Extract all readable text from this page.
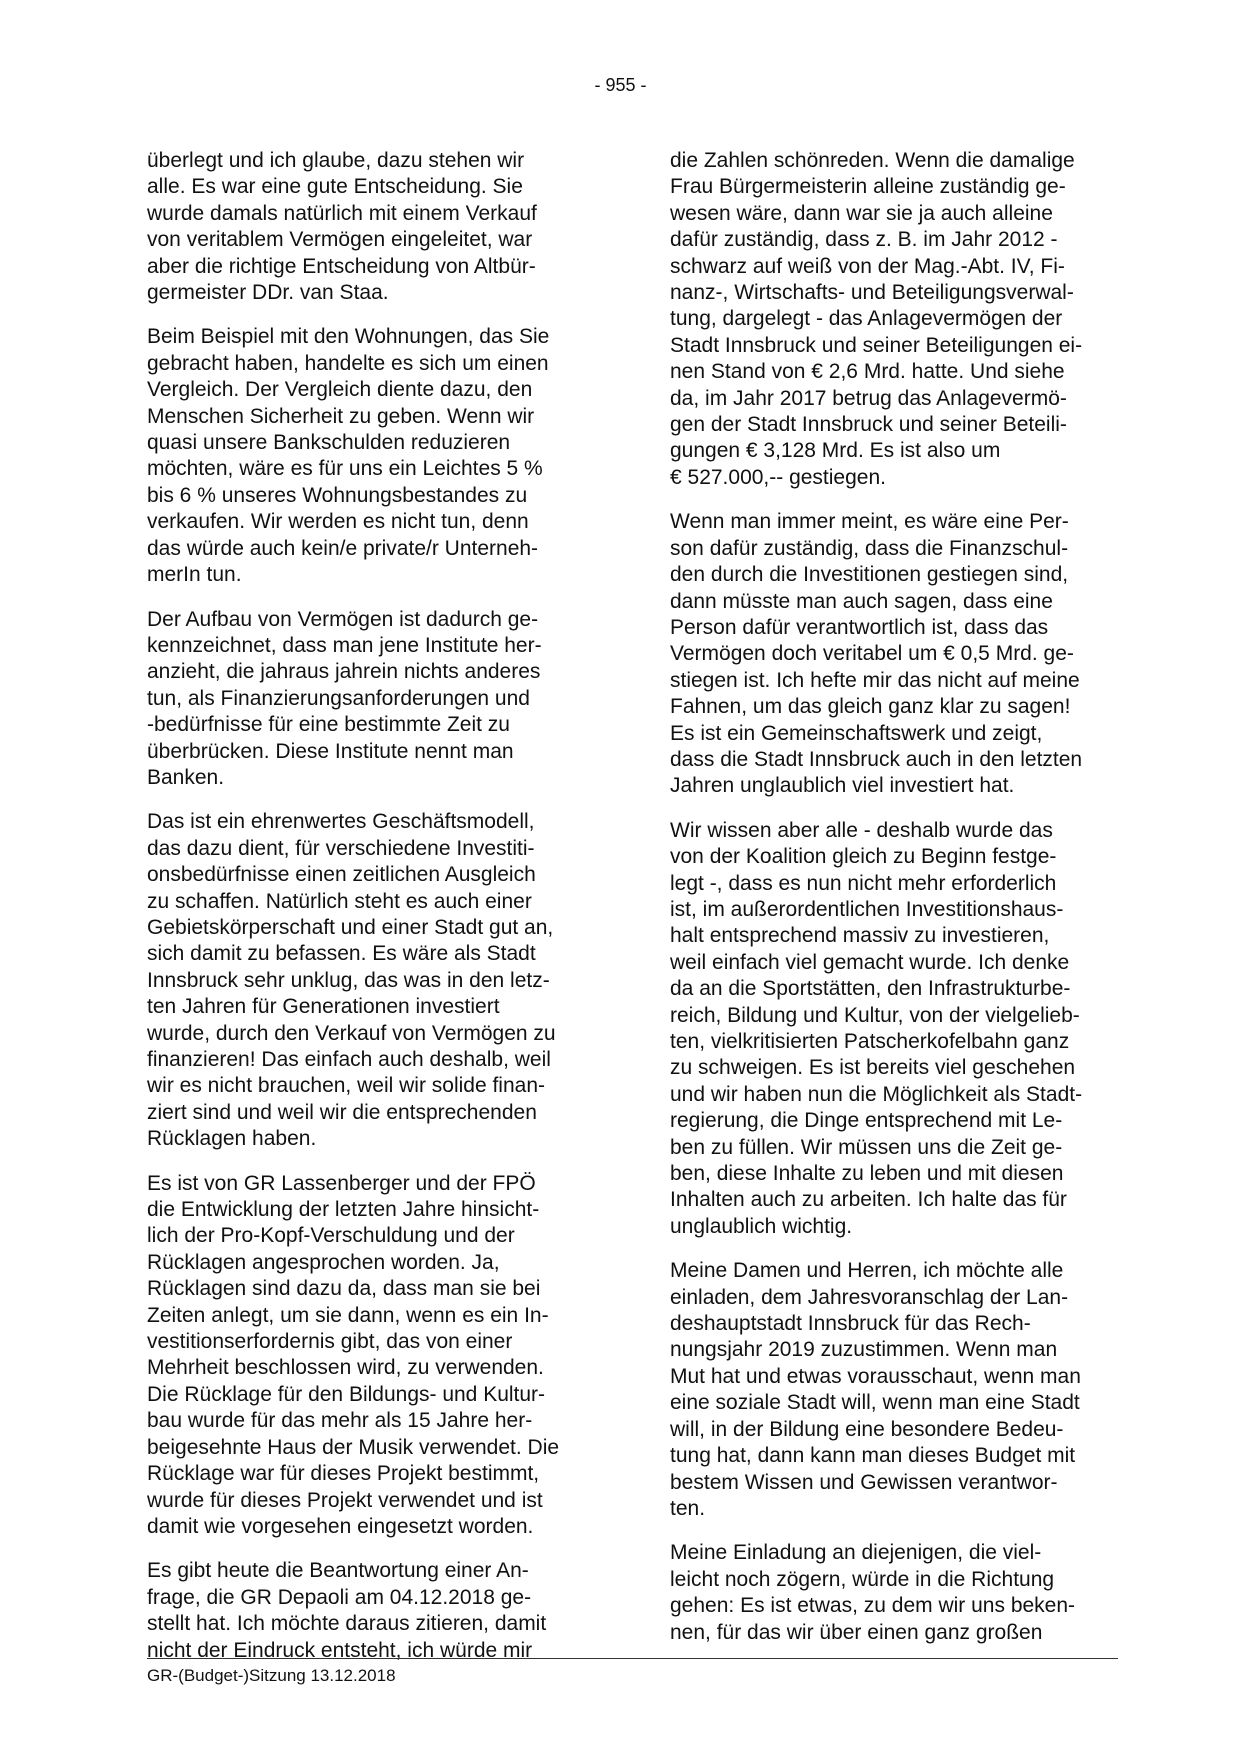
- 955 -

überlegt und ich glaube, dazu stehen wir
alle. Es war eine gute Entscheidung. Sie
wurde damals natürlich mit einem Verkauf
von veritablem Vermögen eingeleitet, war
aber die richtige Entscheidung von Altbür-
germeister DDr. van Staa.

Beim Beispiel mit den Wohnungen, das Sie
gebracht haben, handelte es sich um einen
Vergleich. Der Vergleich diente dazu, den
Menschen Sicherheit zu geben. Wenn wir
quasi unsere Bankschulden reduzieren
möchten, wäre es für uns ein Leichtes 5 %
bis 6 % unseres Wohnungsbestandes zu
verkaufen. Wir werden es nicht tun, denn
das würde auch kein/e private/r Unterneh-
merIn tun.

Der Aufbau von Vermögen ist dadurch ge-
kennzeichnet, dass man jene Institute her-
anzieht, die jahraus jahrein nichts anderes
tun, als Finanzierungsanforderungen und
-bedürfnisse für eine bestimmte Zeit zu
überbrücken. Diese Institute nennt man
Banken.

Das ist ein ehrenwertes Geschäftsmodell,
das dazu dient, für verschiedene Investiti-
onsbedürfnisse einen zeitlichen Ausgleich
zu schaffen. Natürlich steht es auch einer
Gebietskörperschaft und einer Stadt gut an,
sich damit zu befassen. Es wäre als Stadt
Innsbruck sehr unklug, das was in den letz-
ten Jahren für Generationen investiert
wurde, durch den Verkauf von Vermögen zu
finanzieren! Das einfach auch deshalb, weil
wir es nicht brauchen, weil wir solide finan-
ziert sind und weil wir die entsprechenden
Rücklagen haben.

Es ist von GR Lassenberger und der FPÖ
die Entwicklung der letzten Jahre hinsicht-
lich der Pro-Kopf-Verschuldung und der
Rücklagen angesprochen worden. Ja,
Rücklagen sind dazu da, dass man sie bei
Zeiten anlegt, um sie dann, wenn es ein In-
vestitionserfordernis gibt, das von einer
Mehrheit beschlossen wird, zu verwenden.
Die Rücklage für den Bildungs- und Kultur-
bau wurde für das mehr als 15 Jahre her-
beigesehnte Haus der Musik verwendet. Die
Rücklage war für dieses Projekt bestimmt,
wurde für dieses Projekt verwendet und ist
damit wie vorgesehen eingesetzt worden.

Es gibt heute die Beantwortung einer An-
frage, die GR Depaoli am 04.12.2018 ge-
stellt hat. Ich möchte daraus zitieren, damit
nicht der Eindruck entsteht, ich würde mir

die Zahlen schönreden. Wenn die damalige
Frau Bürgermeisterin alleine zuständig ge-
wesen wäre, dann war sie ja auch alleine
dafür zuständig, dass z. B. im Jahr 2012 -
schwarz auf weiß von der Mag.-Abt. IV, Fi-
nanz-, Wirtschafts- und Beteiligungsverwal-
tung, dargelegt - das Anlagevermögen der
Stadt Innsbruck und seiner Beteiligungen ei-
nen Stand von € 2,6 Mrd. hatte. Und siehe
da, im Jahr 2017 betrug das Anlagevermö-
gen der Stadt Innsbruck und seiner Beteili-
gungen € 3,128 Mrd. Es ist also um
€ 527.000,-- gestiegen.

Wenn man immer meint, es wäre eine Per-
son dafür zuständig, dass die Finanzschul-
den durch die Investitionen gestiegen sind,
dann müsste man auch sagen, dass eine
Person dafür verantwortlich ist, dass das
Vermögen doch veritabel um € 0,5 Mrd. ge-
stiegen ist. Ich hefte mir das nicht auf meine
Fahnen, um das gleich ganz klar zu sagen!
Es ist ein Gemeinschaftswerk und zeigt,
dass die Stadt Innsbruck auch in den letzten
Jahren unglaublich viel investiert hat.

Wir wissen aber alle - deshalb wurde das
von der Koalition gleich zu Beginn festge-
legt -, dass es nun nicht mehr erforderlich
ist, im außerordentlichen Investitionshaus-
halt entsprechend massiv zu investieren,
weil einfach viel gemacht wurde. Ich denke
da an die Sportstätten, den Infrastrukturbe-
reich, Bildung und Kultur, von der vielgelieb-
ten, vielkritisierten Patscherkofelbahn ganz
zu schweigen. Es ist bereits viel geschehen
und wir haben nun die Möglichkeit als Stadt-
regierung, die Dinge entsprechend mit Le-
ben zu füllen. Wir müssen uns die Zeit ge-
ben, diese Inhalte zu leben und mit diesen
Inhalten auch zu arbeiten. Ich halte das für
unglaublich wichtig.

Meine Damen und Herren, ich möchte alle
einladen, dem Jahresvoranschlag der Lan-
deshauptstadt Innsbruck für das Rech-
nungsjahr 2019 zuzustimmen. Wenn man
Mut hat und etwas vorausschaut, wenn man
eine soziale Stadt will, wenn man eine Stadt
will, in der Bildung eine besondere Bedeu-
tung hat, dann kann man dieses Budget mit
bestem Wissen und Gewissen verantwor-
ten.

Meine Einladung an diejenigen, die viel-
leicht noch zögern, würde in die Richtung
gehen: Es ist etwas, zu dem wir uns beken-
nen, für das wir über einen ganz großen

GR-(Budget-)Sitzung 13.12.2018
